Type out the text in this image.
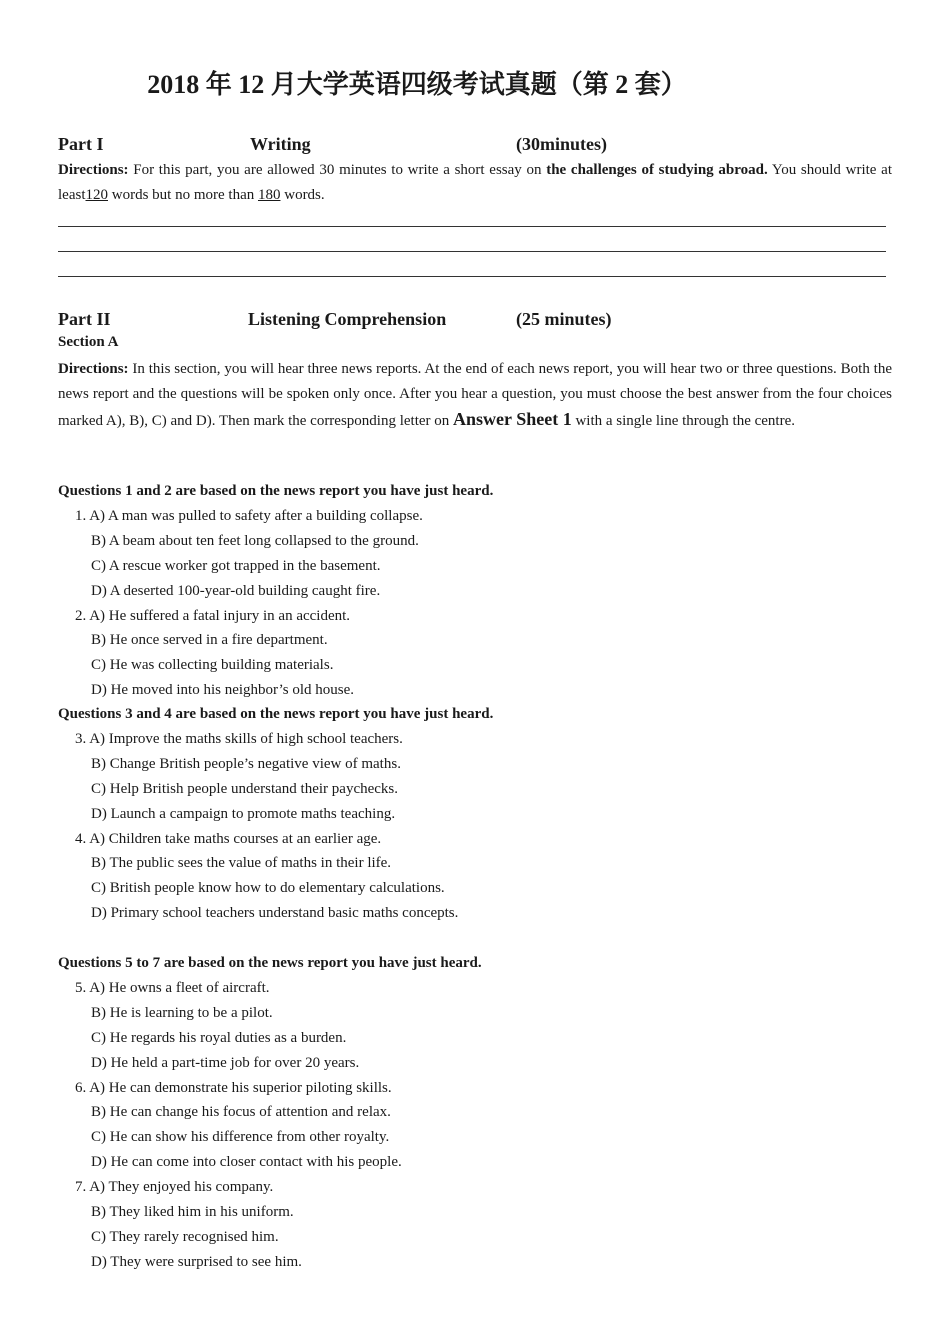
2018 年 12 月大学英语四级考试真题（第 2 套）
Part I	Writing	(30minutes)
Directions: For this part, you are allowed 30 minutes to write a short essay on the challenges of studying abroad. You should write at least120 words but no more than 180 words.
Part II	Listening Comprehension	(25 minutes)
Section A
Directions: In this section, you will hear three news reports. At the end of each news report, you will hear two or three questions. Both the news report and the questions will be spoken only once. After you hear a question, you must choose the best answer from the four choices marked A), B), C) and D). Then mark the corresponding letter on Answer Sheet 1 with a single line through the centre.
Questions 1 and 2 are based on the news report you have just heard.
1. A) A man was pulled to safety after a building collapse.
B) A beam about ten feet long collapsed to the ground.
C) A rescue worker got trapped in the basement.
D) A deserted 100-year-old building caught fire.
2. A) He suffered a fatal injury in an accident.
B) He once served in a fire department.
C) He was collecting building materials.
D) He moved into his neighbor’s old house.
Questions 3 and 4 are based on the news report you have just heard.
3. A) Improve the maths skills of high school teachers.
B) Change British people’s negative view of maths.
C) Help British people understand their paychecks.
D) Launch a campaign to promote maths teaching.
4. A) Children take maths courses at an earlier age.
B) The public sees the value of maths in their life.
C) British people know how to do elementary calculations.
D) Primary school teachers understand basic maths concepts.
Questions 5 to 7 are based on the news report you have just heard.
5. A) He owns a fleet of aircraft.
B) He is learning to be a pilot.
C) He regards his royal duties as a burden.
D) He held a part-time job for over 20 years.
6. A) He can demonstrate his superior piloting skills.
B) He can change his focus of attention and relax.
C) He can show his difference from other royalty.
D) He can come into closer contact with his people.
7. A) They enjoyed his company.
B) They liked him in his uniform.
C) They rarely recognised him.
D) They were surprised to see him.
